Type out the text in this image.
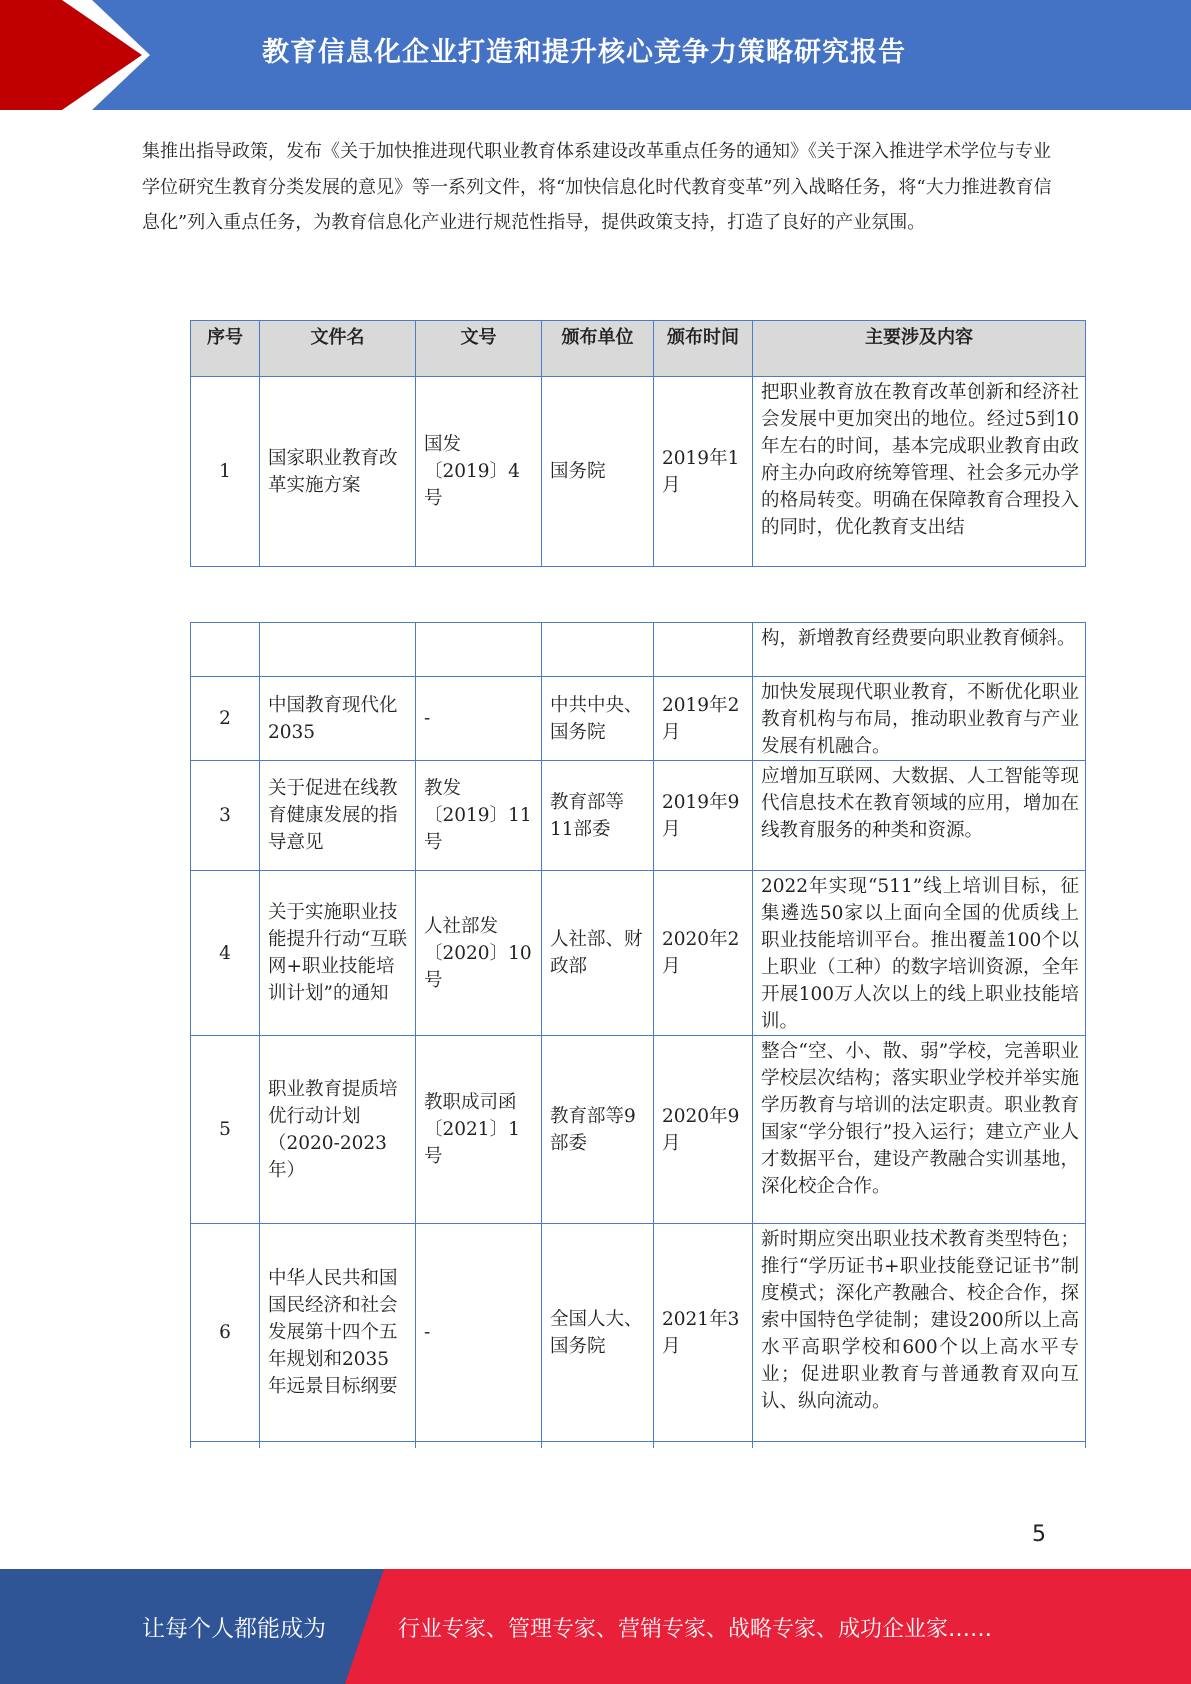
教育信息化企业打造和提升核心竞争力策略研究报告

集推出指导政策，发布《关于加快推进现代职业教育体系建设改革重点任务的通知》《关于深入推进学术学位与专业学位研究生教育分类发展的意见》等一系列文件，将“加快信息化时代教育变革”列入战略任务，将“大力推进教育信息化”列入重点任务，为教育信息化产业进行规范性指导，提供政策支持，打造了良好的产业氛围。

序号	文件名	文号	颁布单位	颁布时间	主要涉及内容
1	国家职业教育改革实施方案	国发〔2019〕4号	国务院	2019年1月	把职业教育放在教育改革创新和经济社会发展中更加突出的地位。经过5到10年左右的时间，基本完成职业教育由政府主办向政府统筹管理、社会多元办学的格局转变。明确在保障教育合理投入的同时，优化教育支出结
					构，新增教育经费要向职业教育倾斜。
2	中国教育现代化2035	-	中共中央、国务院	2019年2月	加快发展现代职业教育，不断优化职业教育机构与布局，推动职业教育与产业发展有机融合。
3	关于促进在线教育健康发展的指导意见	教发〔2019〕11号	教育部等11部委	2019年9月	应增加互联网、大数据、人工智能等现代信息技术在教育领域的应用，增加在线教育服务的种类和资源。
4	关于实施职业技能提升行动“互联网+职业技能培训计划”的通知	人社部发〔2020〕10号	人社部、财政部	2020年2月	2022年实现“511”线上培训目标，征集遴选50家以上面向全国的优质线上职业技能培训平台。推出覆盖100个以上职业（工种）的数字培训资源，全年开展100万人次以上的线上职业技能培训。
5	职业教育提质培优行动计划（2020-2023年）	教职成司函〔2021〕1号	教育部等9部委	2020年9月	整合“空、小、散、弱”学校，完善职业学校层次结构；落实职业学校并举实施学历教育与培训的法定职责。职业教育国家“学分银行”投入运行；建立产业人才数据平台，建设产教融合实训基地，深化校企合作。
6	中华人民共和国国民经济和社会发展第十四个五年规划和2035年远景目标纲要	-	全国人大、国务院	2021年3月	新时期应突出职业技术教育类型特色；推行“学历证书+职业技能登记证书”制度模式；深化产教融合、校企合作，探索中国特色学徒制；建设200所以上高水平高职学校和600个以上高水平专业；促进职业教育与普通教育双向互认、纵向流动。

5
让每个人都能成为	行业专家、管理专家、营销专家、战略专家、成功企业家……
